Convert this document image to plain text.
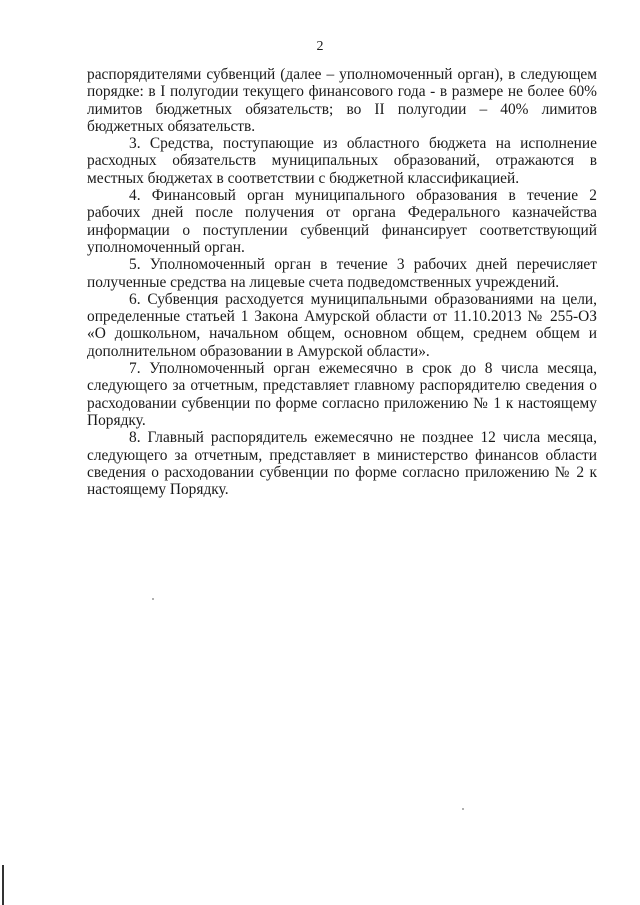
2

распорядителями субвенций (далее – уполномоченный орган), в следующем порядке: в I полугодии текущего финансового года - в размере не более 60% лимитов бюджетных обязательств; во II полугодии – 40% лимитов бюджетных обязательств.

3. Средства, поступающие из областного бюджета на исполнение расходных обязательств муниципальных образований, отражаются в местных бюджетах в соответствии с бюджетной классификацией.

4. Финансовый орган муниципального образования в течение 2 рабочих дней после получения от органа Федерального казначейства информации о поступлении субвенций финансирует соответствующий уполномоченный орган.

5. Уполномоченный орган в течение 3 рабочих дней перечисляет полученные средства на лицевые счета подведомственных учреждений.

6. Субвенция расходуется муниципальными образованиями на цели, определенные статьей 1 Закона Амурской области от 11.10.2013 № 255-ОЗ «О дошкольном, начальном общем, основном общем, среднем общем и дополнительном образовании в Амурской области».

7. Уполномоченный орган ежемесячно в срок до 8 числа месяца, следующего за отчетным, представляет главному распорядителю сведения о расходовании субвенции по форме согласно приложению № 1 к настоящему Порядку.

8. Главный распорядитель ежемесячно не позднее 12 числа месяца, следующего за отчетным, представляет в министерство финансов области сведения о расходовании субвенции по форме согласно приложению № 2 к настоящему Порядку.
